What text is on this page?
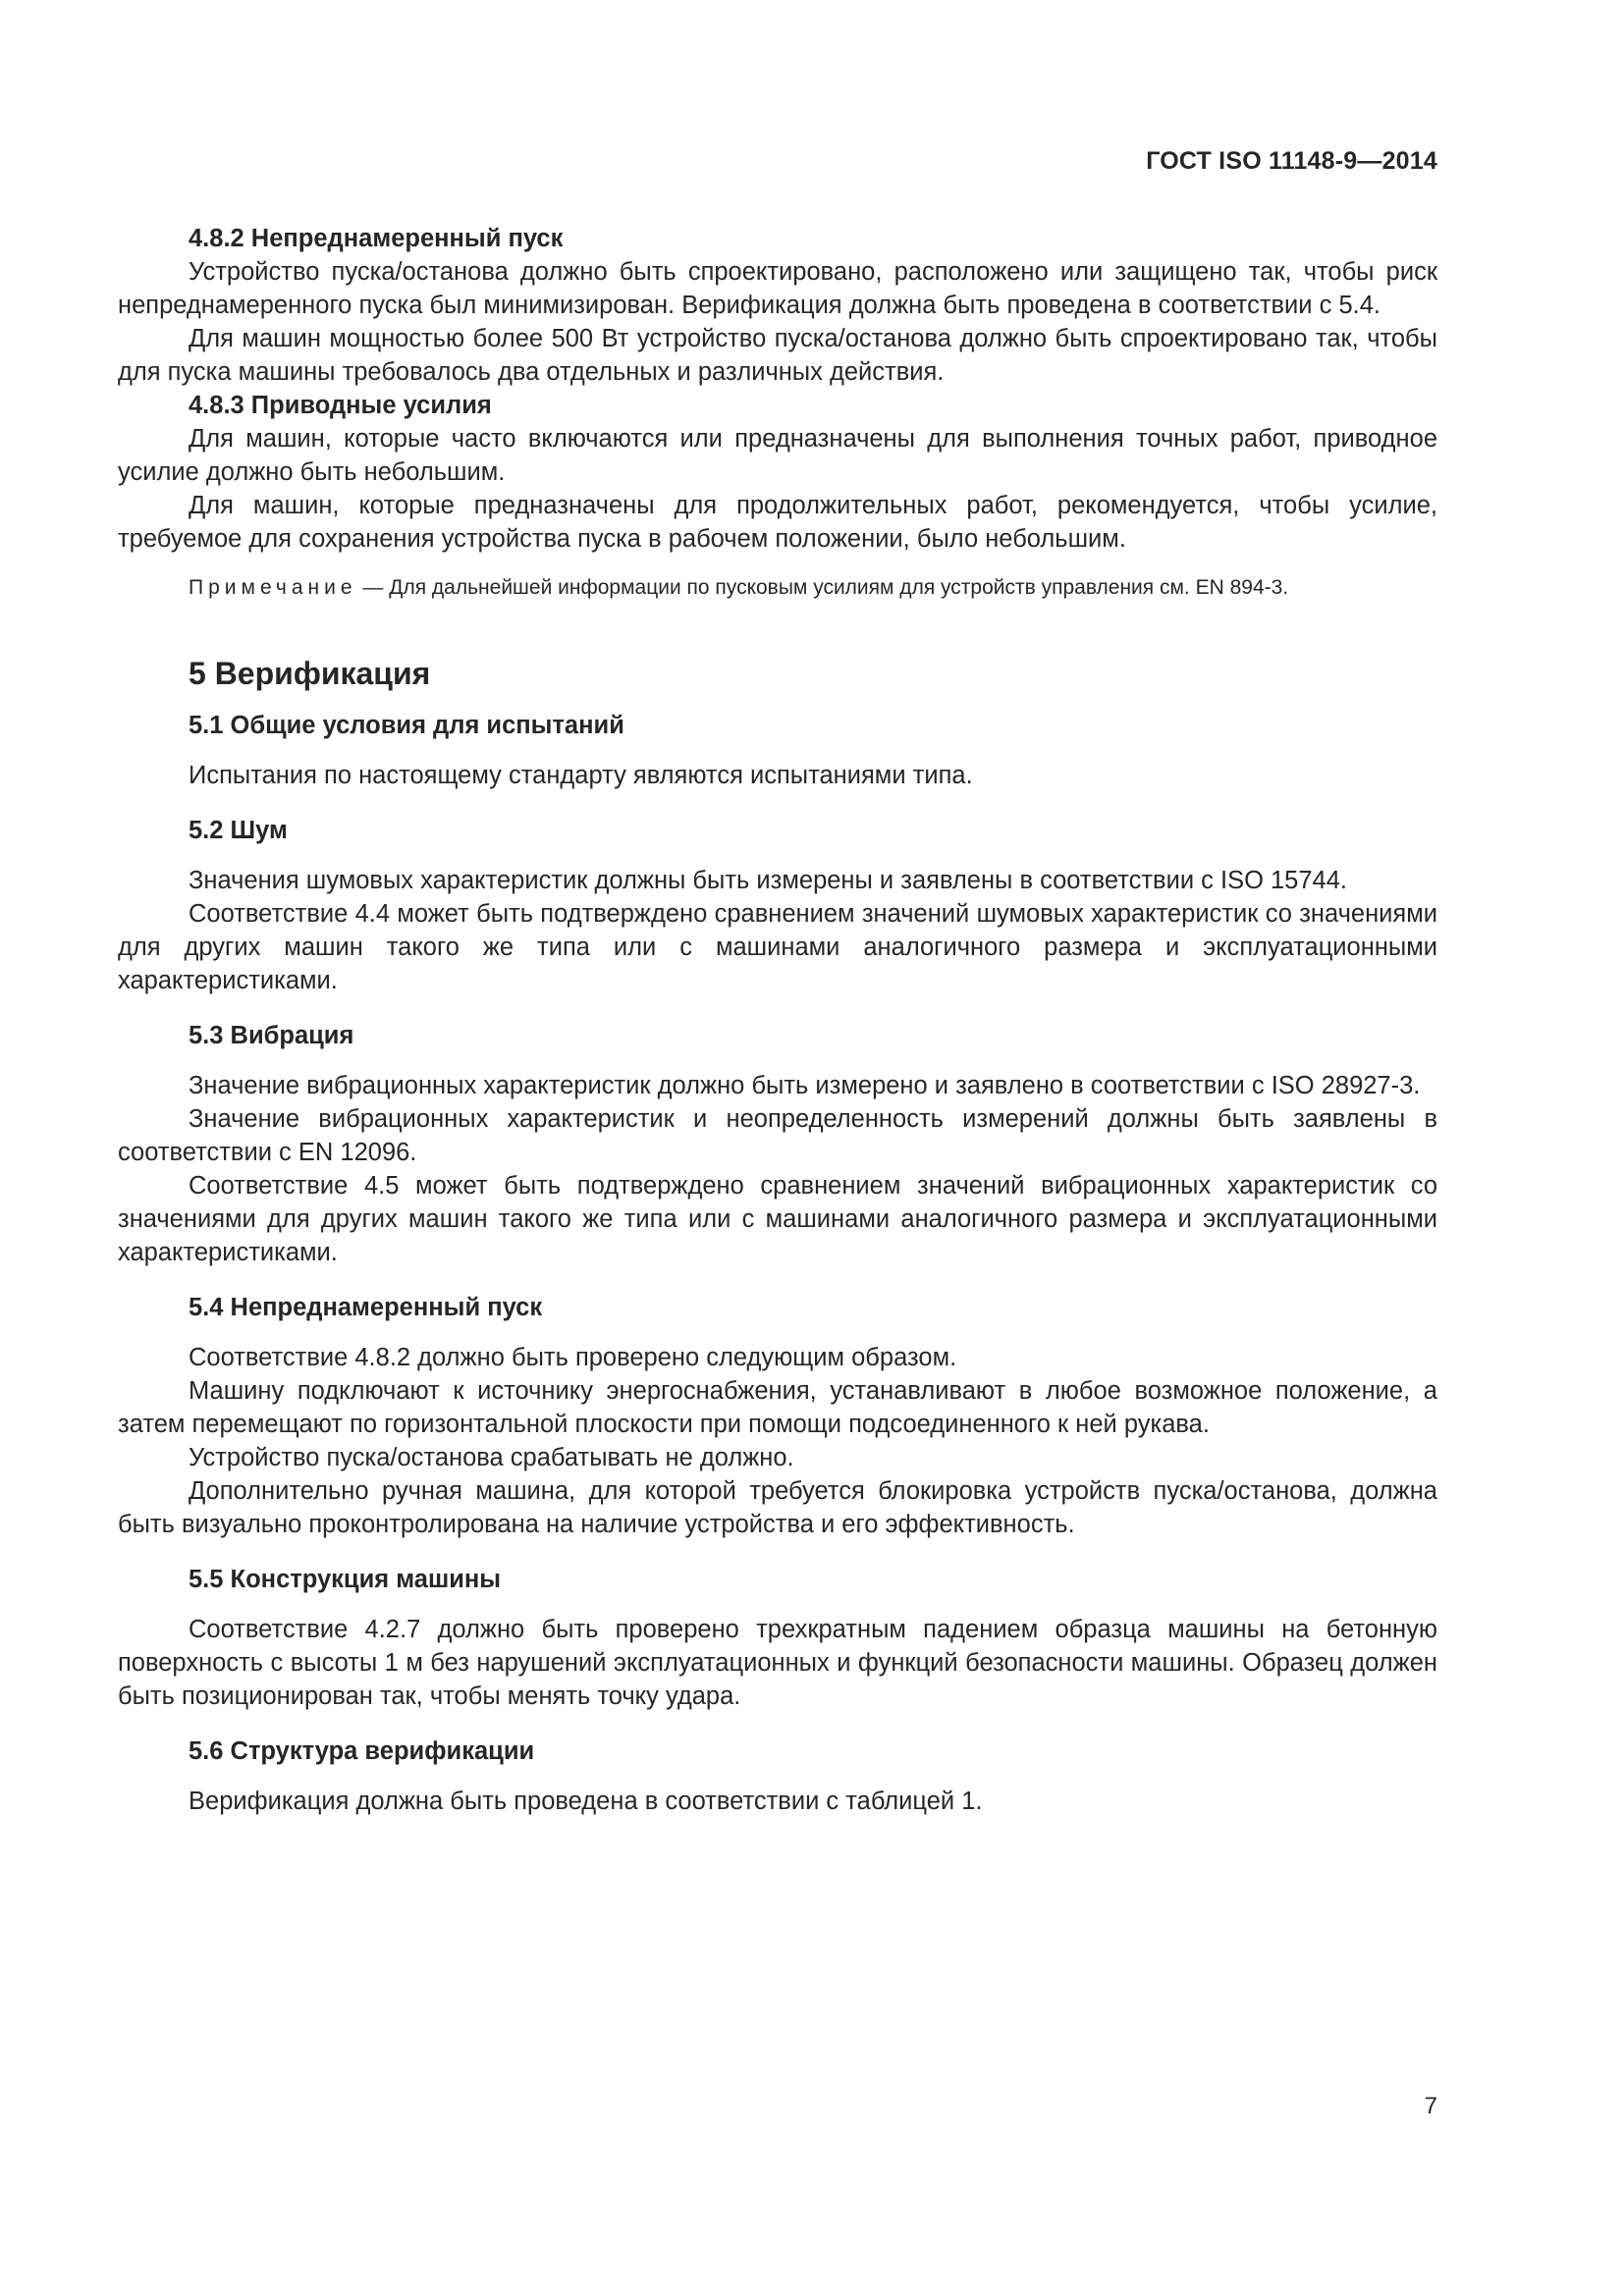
ГОСТ ISO 11148-9—2014

4.8.2 Непреднамеренный пуск

Устройство пуска/останова должно быть спроектировано, расположено или защищено так, чтобы риск непреднамеренного пуска был минимизирован. Верификация должна быть проведена в соответствии с 5.4.

Для машин мощностью более 500 Вт устройство пуска/останова должно быть спроектировано так, чтобы для пуска машины требовалось два отдельных и различных действия.

4.8.3 Приводные усилия

Для машин, которые часто включаются или предназначены для выполнения точных работ, приводное усилие должно быть небольшим.

Для машин, которые предназначены для продолжительных работ, рекомендуется, чтобы усилие, требуемое для сохранения устройства пуска в рабочем положении, было небольшим.

Примечание — Для дальнейшей информации по пусковым усилиям для устройств управления см. EN 894-3.

5 Верификация

5.1 Общие условия для испытаний

Испытания по настоящему стандарту являются испытаниями типа.

5.2 Шум

Значения шумовых характеристик должны быть измерены и заявлены в соответствии с ISO 15744.

Соответствие 4.4 может быть подтверждено сравнением значений шумовых характеристик со значениями для других машин такого же типа или с машинами аналогичного размера и эксплуатационными характеристиками.

5.3 Вибрация

Значение вибрационных характеристик должно быть измерено и заявлено в соответствии с ISO 28927-3.

Значение вибрационных характеристик и неопределенность измерений должны быть заявлены в соответствии с EN 12096.

Соответствие 4.5 может быть подтверждено сравнением значений вибрационных характеристик со значениями для других машин такого же типа или с машинами аналогичного размера и эксплуатационными характеристиками.

5.4 Непреднамеренный пуск

Соответствие 4.8.2 должно быть проверено следующим образом.

Машину подключают к источнику энергоснабжения, устанавливают в любое возможное положение, а затем перемещают по горизонтальной плоскости при помощи подсоединенного к ней рукава.

Устройство пуска/останова срабатывать не должно.

Дополнительно ручная машина, для которой требуется блокировка устройств пуска/останова, должна быть визуально проконтролирована на наличие устройства и его эффективность.

5.5 Конструкция машины

Соответствие 4.2.7 должно быть проверено трехкратным падением образца машины на бетонную поверхность с высоты 1 м без нарушений эксплуатационных и функций безопасности машины. Образец должен быть позиционирован так, чтобы менять точку удара.

5.6 Структура верификации

Верификация должна быть проведена в соответствии с таблицей 1.

7
